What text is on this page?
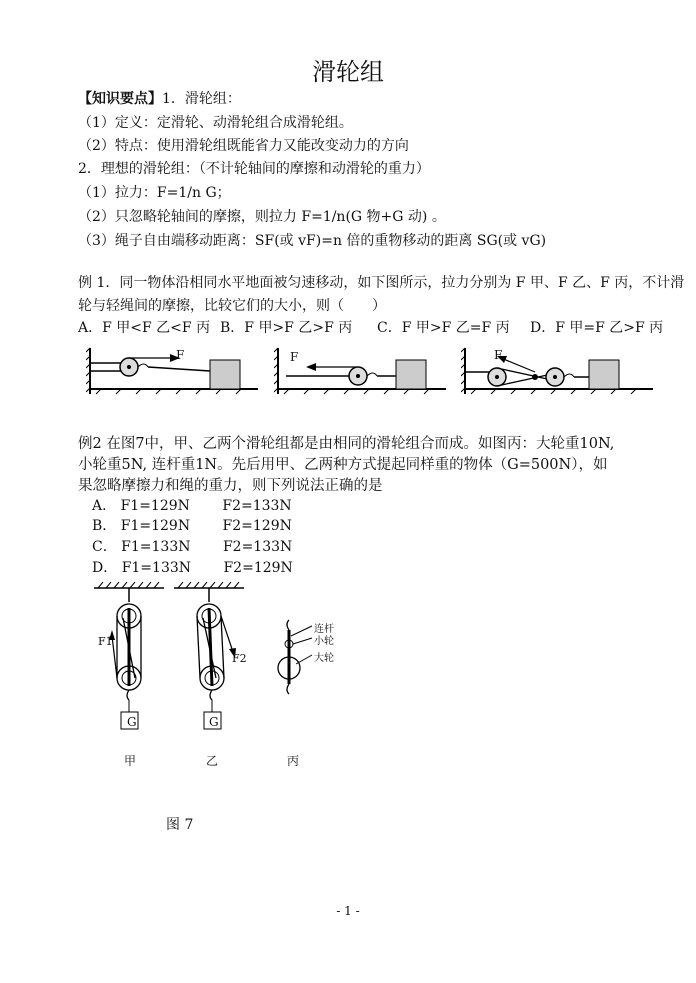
滑轮组
【知识要点】1．滑轮组：
（1）定义：定滑轮、动滑轮组合成滑轮组。
（2）特点：使用滑轮组既能省力又能改变动力的方向
2．理想的滑轮组：（不计轮轴间的摩擦和动滑轮的重力）
（1）拉力：F=1/n G；
（2）只忽略轮轴间的摩擦，则拉力 F=1/n(G 物+G 动) 。
（3）绳子自由端移动距离：SF(或 vF)=n 倍的重物移动的距离 SG(或 vG)
例 1．同一物体沿相同水平地面被匀速移动，如下图所示，拉力分别为 F 甲、F 乙、F 丙，不计滑
轮与轻绳间的摩擦，比较它们的大小，则（　　）
A．F 甲<F 乙<F 丙 B．F 甲>F 乙>F 丙 C．F 甲>F 乙=F 丙 D．F 甲=F 乙>F 丙
F	F	F
例2 在图7中，甲、乙两个滑轮组都是由相同的滑轮组合而成。如图丙：大轮重10N,
小轮重5N, 连杆重1N。先后用甲、乙两种方式提起同样重的物体（G=500N），如
果忽略摩擦力和绳的重力，则下列说法正确的是
A． F1=129N F2=133N
B． F1=129N F2=129N
C． F1=133N F2=133N
D． F1=133N F2=129N
G	G
F1
F2
连杆
小轮
大轮
甲	乙	丙
图 7
- 1 -
